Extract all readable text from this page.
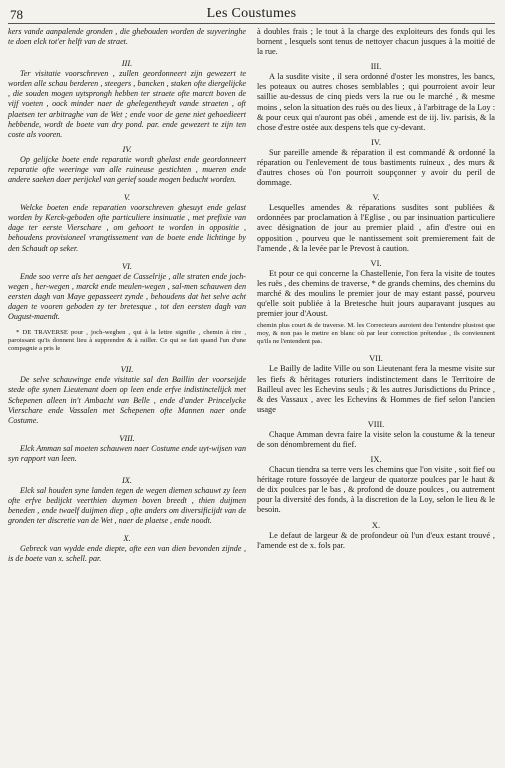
78	Les Coustumes

kers vande aanpalende gronden , die ghebouden worden de suyveringhe te doen elck tot'er helft van de straet.

III.

Ter visitatie voorschreven , zullen geordonneert zijn gewezert te worden alle schau berderen , steegers , bancken , staken ofte diergelijcke , die souden mogen uytsprongh hebben ter straete ofte marctt boven de vijf voeten , oock minder naer de ghelegentheydt vande straeten , oft plaetsen ter arbitraghe van de Wet ; ende voor de gene niet gehoedieert hebbende, wordt de boete van dry pond. par. ende gewezert te zijn ten coste als vooren.

IV.

Op gelijcke boete ende reparatie wordt ghelast ende geordonneert reparatie ofte weeringe van alle ruineuse gestichten , mueren ende andere saeken daer perijckel van gerief soude mogen beducht worden.

V.

Welcke boeten ende reparatien voorschreven ghesuyt ende gelast worden by Kerck-geboden ofte particuliere insinuatie , met prefixie van dage ter eerste Vierschare , om gehoort te worden in oppositie , behoudens provisioneel vrangtissement van de boete ende lichtinge by den Schaudt op seker.

VI.

Ende soo verre als het aengaet de Casselrije , alle straten ende joch-wegen , her-wegen , marckt ende meulen-wegen , sal-men schauwen den eersten dagh van Maye gepasseert zynde , behoudens dat het selve acht dagen te vooren geboden zy ter bretesque , tot den eersten dagh van Ougust-maendt.

* DE TRAVERSE pour , joch-weghen , qui à la lettre signifie , chemin à rire , paroissant qu'is donnent lieu à supprendre & à railler. Ce qui se fait quand l'un d'une compagnie a pris le

VII.

De selve schauwinge ende visitatie sal den Baillin der voorseijde stede ofte synen Lieutenant doen op leen ende erfve indistinctelijck met Schepenen alleen in't Ambacht van Belle , ende d'ander Princelycke Vierschare ende Vassalen met Schepenen ofte Mannen naer onde Costume.

VIII.

Elck Amman sal moeten schauwen naer Costume ende uyt-wijsen van syn rapport van leen.

IX.

Elck sal houden syne landen tegen de wegen diemen schauwt zy leen ofte erfve bedijckt veerthien duymen boven breedt , thien duijmen beneden , ende twaelf duijmen diep , ofte anders om diversificijdt van de gronden ter discretie van de Wet , naer de plaetse , ende noodt.

X.

Gebreck van wydde ende diepte, ofte een van dien bevonden zijnde , is de boete van x. schell. par.

à doubles frais ; le tout à la charge des exploiteurs des fonds qui les bornent , lesquels sont tenus de nettoyer chacun jusques à la moitié de la rue.

III.

A la susdite visite , il sera ordonné d'oster les monstres, les bancs, les poteaux ou autres choses semblables ; qui pourroient avoir leur saillie au-dessus de cinq pieds vers la rue ou le marché , & mesme moins , selon la situation des ruës ou des lieux , à l'arbitrage de la Loy : & pour ceux qui n'auront pas obéi , amende est de iij. liv. parisis, & la chose d'estre ostée aux despens tels que cy-devant.

IV.

Sur pareille amende & réparation il est commandé & ordonné la réparation ou l'enlevement de tous bastiments ruineux , des murs & d'autres choses où l'on pourroit soupçonner y avoir du peril de dommage.

V.

Lesquelles amendes & réparations susdites sont publiées & ordonnées par proclamation à l'Eglise , ou par insinuation particuliere avec désignation de jour au premier plaid , afin d'estre oui en opposition , pourveu que le nantissement soit premierement fait de l'amende , & la levée par le Prevost à caution.

VI.

Et pour ce qui concerne la Chastellenie, l'on fera la visite de toutes les ruës , des chemins de traverse, * de grands chemins, des chemins du marché & des moulins le premier jour de may estant passé, pourveu qu'elle soit publiée à la Bretesche huit jours auparavant jusques au premier jour d'Aoust.

chemin plus court & de traverse. M. les Correcteurs auroient deu l'entendre plustost que moy, & non pas le mettre en blanc où par leur correction prétendue , ils conviennent qu'ils ne l'entendent pas.

VII.

Le Bailly de ladite Ville ou son Lieutenant fera la mesme visite sur les fiefs & héritages roturiers indistinctement dans le Territoire de Bailleul avec les Echevins seuls ; & les autres Jurisdictions du Prince , & des Vassaux , avec les Echevins & Hommes de fief selon l'ancien usage

VIII.

Chaque Amman devra faire la visite selon la coustume & la teneur de son dénombrement du fief.

IX.

Chacun tiendra sa terre vers les chemins que l'on visite , soit fief ou héritage roture fossoyée de largeur de quatorze poulces par le haut & de dix poulces par le bas , & profond de douze poulces , ou autrement pour la diversité des fonds, à la discretion de la Loy, selon le lieu & le besoin.

X.

Le defaut de largeur & de profondeur où l'un d'eux estant trouvé , l'amende est de x. fols par.
